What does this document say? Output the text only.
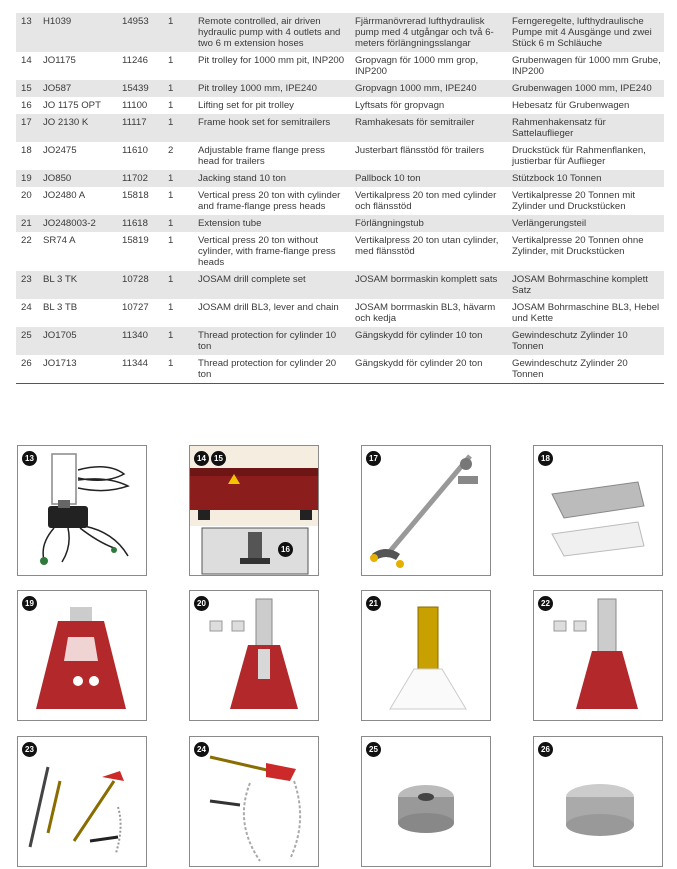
13	H1039	14953	1	Remote controlled, air driven hydraulic pump with 4 outlets and two 6 m extension hoses	Fjärrmanövrerad lufthydraulisk pump med 4 utgångar och två 6-meters förlängningsslangar	Ferngeregelte, lufthydraulische Pumpe mit 4 Ausgänge und zwei Stück 6 m Schläuche
14	JO1175	11246	1	Pit trolley for 1000 mm pit, INP200	Gropvagn för 1000 mm grop, INP200	Grubenwagen für 1000 mm Grube, INP200
15	JO587	15439	1	Pit trolley 1000 mm, IPE240	Gropvagn 1000 mm, IPE240	Grubenwagen 1000 mm, IPE240
16	JO 1175 OPT	11100	1	Lifting set for pit trolley	Lyftsats för gropvagn	Hebesatz für Grubenwagen
17	JO 2130 K	11117	1	Frame hook set for semitrailers	Ramhakesats för semitrailer	Rahmenhakensatz für Sattelauflieger
18	JO2475	11610	2	Adjustable frame flange press head for trailers	Justerbart flänsstöd för trailers	Druckstück für Rahmenflanken, justierbar für Auflieger
19	JO850	11702	1	Jacking stand 10 ton	Pallbock 10 ton	Stützbock 10 Tonnen
20	JO2480 A	15818	1	Vertical press 20 ton with cylinder and frame-flange press heads	Vertikalpress 20 ton med cylinder och flänsstöd	Vertikalpresse 20 Tonnen mit Zylinder und Druckstücken
21	JO248003-2	11618	1	Extension tube	Förlängningstub	Verlängerungsteil
22	SR74 A	15819	1	Vertical press 20 ton without cylinder, with frame-flange press heads	Vertikalpress 20 ton utan cylinder, med flänsstöd	Vertikalpresse 20 Tonnen ohne Zylinder, mit Druckstücken
23	BL 3 TK	10728	1	JOSAM drill complete set	JOSAM borrmaskin komplett sats	JOSAM Bohrmaschine komplett Satz
24	BL 3 TB	10727	1	JOSAM drill BL3, lever and chain	JOSAM borrmaskin BL3, hävarm och kedja	JOSAM Bohrmaschine BL3, Hebel und Kette
25	JO1705	11340	1	Thread protection for cylinder 10 ton	Gängskydd för cylinder 10 ton	Gewindeschutz Zylinder 10 Tonnen
26	JO1713	11344	1	Thread protection for cylinder 20 ton	Gängskydd för cylinder 20 ton	Gewindeschutz Zylinder 20 Tonnen
13	14	15
16
17	18
19	20	21	22
23	24	25	26
